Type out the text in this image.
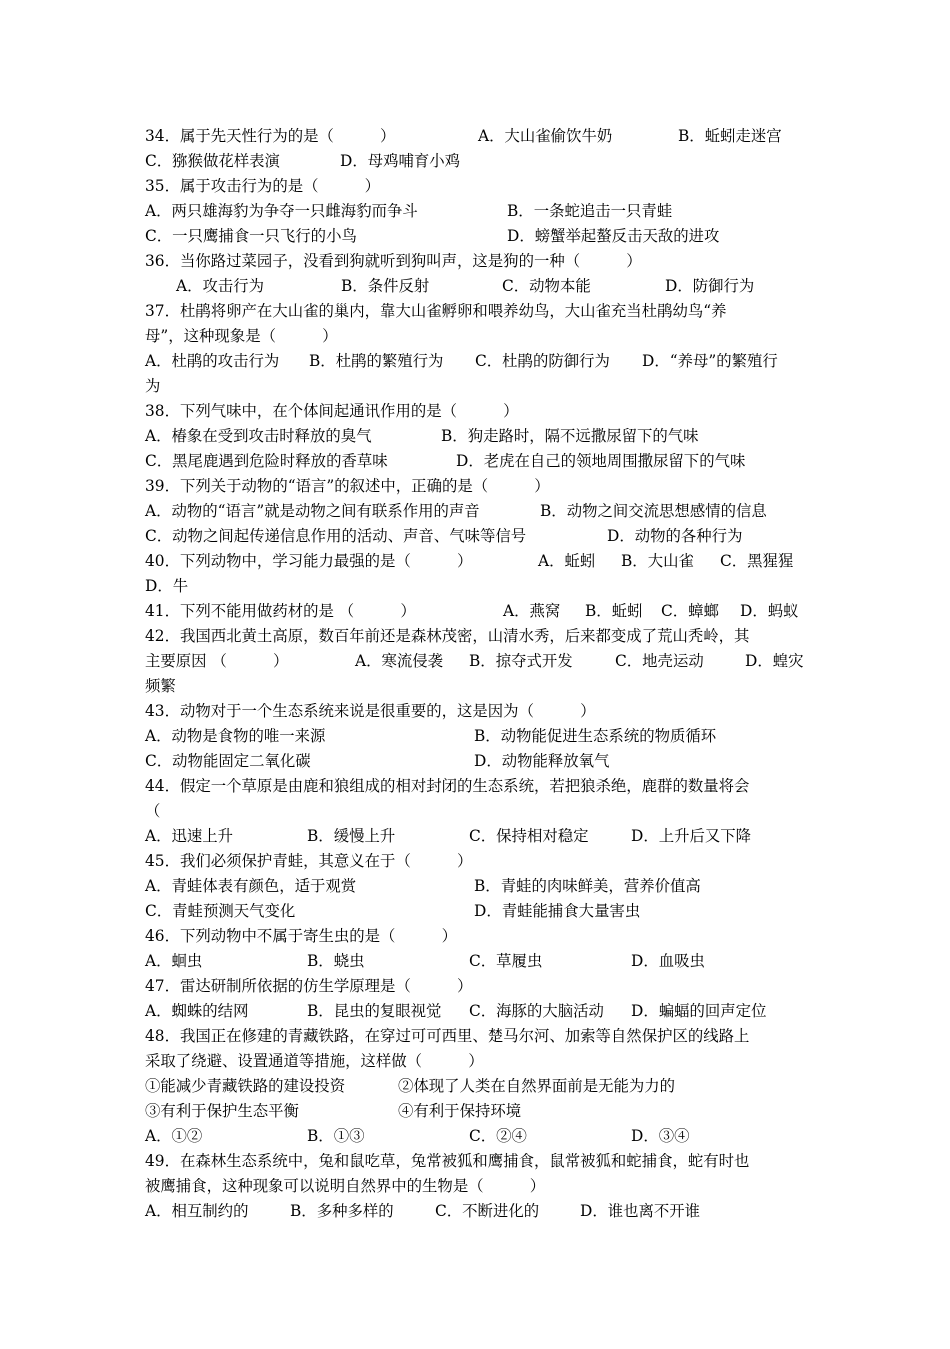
34．属于先天性行为的是（　　　）

	A．大山雀偷饮牛奶

	B．蚯蚓走迷宫

C．猕猴做花样表演

	D．母鸡哺育小鸡

35．属于攻击行为的是（　　　）

A．两只雄海豹为争夺一只雌海豹而争斗

	B．一条蛇追击一只青蛙

C．一只鹰捕食一只飞行的小鸟

	D．螃蟹举起螯反击天敌的进攻

36．当你路过菜园子，没看到狗就听到狗叫声，这是狗的一种（　　　）

A．攻击行为

	B．条件反射

	C．动物本能

	D．防御行为

37．杜鹃将卵产在大山雀的巢内，靠大山雀孵卵和喂养幼鸟，大山雀充当杜鹃幼鸟“养

母”，这种现象是（　　　）

A．杜鹃的攻击行为

B．杜鹃的繁殖行为

C．杜鹃的防御行为

D．“养母”的繁殖行

为

38．下列气味中，在个体间起通讯作用的是（　　　）

A．椿象在受到攻击时释放的臭气

	B．狗走路时，隔不远撒尿留下的气味

C．黑尾鹿遇到危险时释放的香草味

	D．老虎在自己的领地周围撒尿留下的气味

39．下列关于动物的“语言”的叙述中，正确的是（　　　）

A．动物的“语言”就是动物之间有联系作用的声音

	B．动物之间交流思想感情的信息

C．动物之间起传递信息作用的活动、声音、气味等信号

	D．动物的各种行为

40．下列动物中，学习能力最强的是（　　　）

	A．蚯蚓

B．大山雀

C．黑猩猩

D．牛

41．下列不能用做药材的是 （　　　）

	A．燕窝

B．蚯蚓

C．蟑螂

D．蚂蚁

42．我国西北黄土高原，数百年前还是森林茂密，山清水秀，后来都变成了荒山秃岭，其

主要原因 （　　　）

	A．寒流侵袭

B．掠夺式开发

	C．地壳运动

	D．蝗灾

频繁

43．动物对于一个生态系统来说是很重要的，这是因为（　　　）

A．动物是食物的唯一来源

	B．动物能促进生态系统的物质循环

C．动物能固定二氧化碳

	D．动物能释放氧气

44．假定一个草原是由鹿和狼组成的相对封闭的生态系统，若把狼杀绝，鹿群的数量将会

（

A．迅速上升

	B．缓慢上升

	C．保持相对稳定

	D．上升后又下降

45．我们必须保护青蛙，其意义在于（　　　）

A．青蛙体表有颜色，适于观赏

	B．青蛙的肉味鲜美，营养价值高

C．青蛙预测天气变化

	D．青蛙能捕食大量害虫

46．下列动物中不属于寄生虫的是（　　　）

A．蛔虫

	B．蛲虫

	C．草履虫

	D．血吸虫

47．雷达研制所依据的仿生学原理是（　　　）

A．蜘蛛的结网

	B．昆虫的复眼视觉

C．海豚的大脑活动

D．蝙蝠的回声定位

48．我国正在修建的青藏铁路，在穿过可可西里、楚马尔河、加索等自然保护区的线路上

采取了绕避、设置通道等措施，这样做（　　　）

①能减少青藏铁路的建设投资

	②体现了人类在自然界面前是无能为力的

③有利于保护生态平衡

	④有利于保持环境

A．①②

	B．①③

	C．②④

	D．③④

49．在森林生态系统中，兔和鼠吃草，兔常被狐和鹰捕食，鼠常被狐和蛇捕食，蛇有时也

被鹰捕食，这种现象可以说明自然界中的生物是（　　　）

A．相互制约的

	B．多种多样的

	C．不断进化的

	D．谁也离不开谁
